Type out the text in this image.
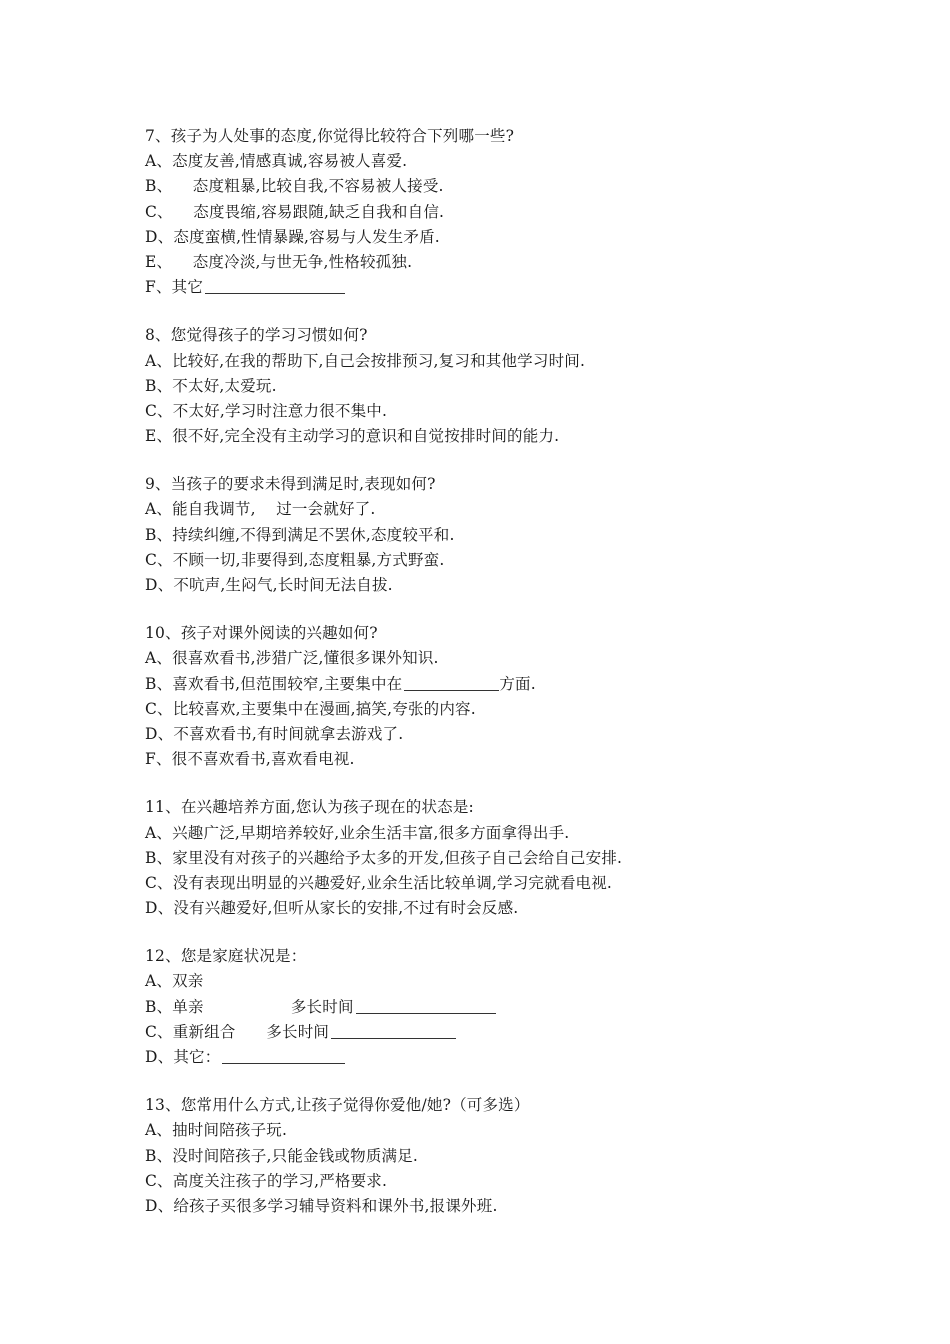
7、孩子为人处事的态度,你觉得比较符合下列哪一些?
A、态度友善,情感真诚,容易被人喜爱.
B、    态度粗暴,比较自我,不容易被人接受.
C、    态度畏缩,容易跟随,缺乏自我和自信.
D、态度蛮横,性情暴躁,容易与人发生矛盾.
E、    态度冷淡,与世无争,性格较孤独.
F、其它
8、您觉得孩子的学习习惯如何?
A、比较好,在我的帮助下,自己会按排预习,复习和其他学习时间.
B、不太好,太爱玩.
C、不太好,学习时注意力很不集中.
E、很不好,完全没有主动学习的意识和自觉按排时间的能力.
9、当孩子的要求未得到满足时,表现如何?
A、能自我调节,    过一会就好了.
B、持续纠缠,不得到满足不罢休,态度较平和.
C、不顾一切,非要得到,态度粗暴,方式野蛮.
D、不吭声,生闷气,长时间无法自拔.
10、孩子对课外阅读的兴趣如何?
A、很喜欢看书,涉猎广泛,懂很多课外知识.
B、喜欢看书,但范围较窄,主要集中在	方面.
C、比较喜欢,主要集中在漫画,搞笑,夸张的内容.
D、不喜欢看书,有时间就拿去游戏了.
F、很不喜欢看书,喜欢看电视.
11、在兴趣培养方面,您认为孩子现在的状态是:
A、兴趣广泛,早期培养较好,业余生活丰富,很多方面拿得出手.
B、家里没有对孩子的兴趣给予太多的开发,但孩子自己会给自己安排.
C、没有表现出明显的兴趣爱好,业余生活比较单调,学习完就看电视.
D、没有兴趣爱好,但听从家长的安排,不过有时会反感.
12、您是家庭状况是：
A、双亲
B、单亲                 多长时间
C、重新组合      多长时间
D、其它：
13、您常用什么方式,让孩子觉得你爱他/她?（可多选）
A、抽时间陪孩子玩.
B、没时间陪孩子,只能金钱或物质满足.
C、高度关注孩子的学习,严格要求.
D、给孩子买很多学习辅导资料和课外书,报课外班.
